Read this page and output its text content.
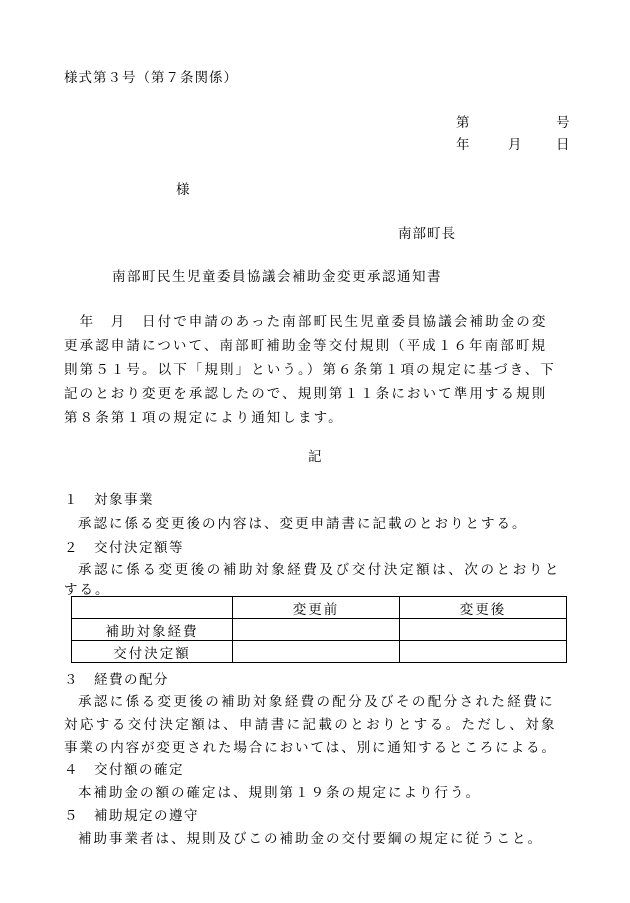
様式第３号（第７条関係）
第	号
年	月	日
様
南部町長
南部町民生児童委員協議会補助金変更承認通知書
　年　月　日付で申請のあった南部町民生児童委員協議会補助金の変
更承認申請について、南部町補助金等交付規則（平成１６年南部町規
則第５１号。以下「規則」という。）第６条第１項の規定に基づき、下
記のとおり変更を承認したので、規則第１１条において準用する規則
第８条第１項の規定により通知します。
記
１　対象事業
承認に係る変更後の内容は、変更申請書に記載のとおりとする。
２　交付決定額等
承認に係る変更後の補助対象経費及び交付決定額は、次のとおりと
する。
	変更前	変更後
補助対象経費		
交付決定額		
３　経費の配分
承認に係る変更後の補助対象経費の配分及びその配分された経費に
対応する交付決定額は、申請書に記載のとおりとする。ただし、対象
事業の内容が変更された場合においては、別に通知するところによる。
４　交付額の確定
本補助金の額の確定は、規則第１９条の規定により行う。
５　補助規定の遵守
補助事業者は、規則及びこの補助金の交付要綱の規定に従うこと。
